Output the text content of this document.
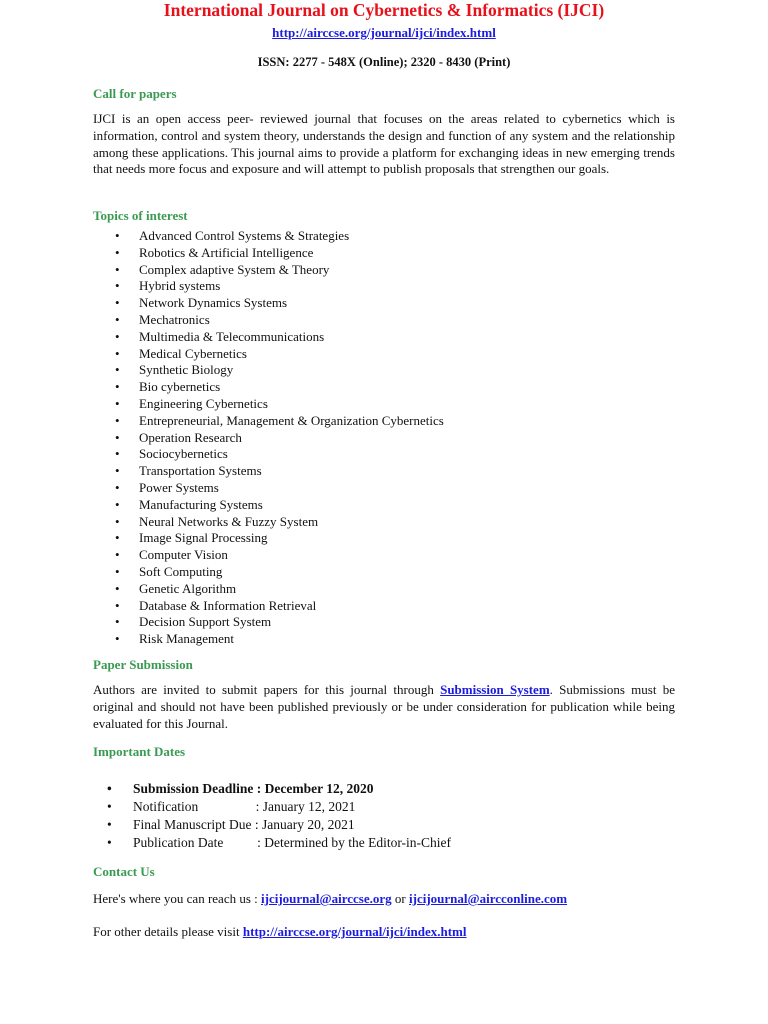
International Journal on Cybernetics & Informatics (IJCI)
http://airccse.org/journal/ijci/index.html
ISSN: 2277 - 548X (Online); 2320 - 8430 (Print)
Call for papers

IJCI is an open access peer- reviewed journal that focuses on the areas related to cybernetics which is information, control and system theory, understands the design and function of any system and the relationship among these applications. This journal aims to provide a platform for exchanging ideas in new emerging trends that needs more focus and exposure and will attempt to publish proposals that strengthen our goals.

Topics of interest
• Advanced Control Systems & Strategies
• Robotics & Artificial Intelligence
• Complex adaptive System & Theory
• Hybrid systems
• Network Dynamics Systems
• Mechatronics
• Multimedia & Telecommunications
• Medical Cybernetics
• Synthetic Biology
• Bio cybernetics
• Engineering Cybernetics
• Entrepreneurial, Management & Organization Cybernetics
• Operation Research
• Sociocybernetics
• Transportation Systems
• Power Systems
• Manufacturing Systems
• Neural Networks & Fuzzy System
• Image Signal Processing
• Computer Vision
• Soft Computing
• Genetic Algorithm
• Database & Information Retrieval
• Decision Support System
• Risk Management
Paper Submission

Authors are invited to submit papers for this journal through Submission System. Submissions must be original and should not have been published previously or be under consideration for publication while being evaluated for this Journal.

Important Dates
• Submission Deadline : December 12, 2020
• Notification                 : January 12, 2021
• Final Manuscript Due : January 20, 2021
• Publication Date          : Determined by the Editor-in-Chief
Contact Us
Here's where you can reach us : ijcijournal@airccse.org or ijcijournal@aircconline.com
For other details please visit http://airccse.org/journal/ijci/index.html
